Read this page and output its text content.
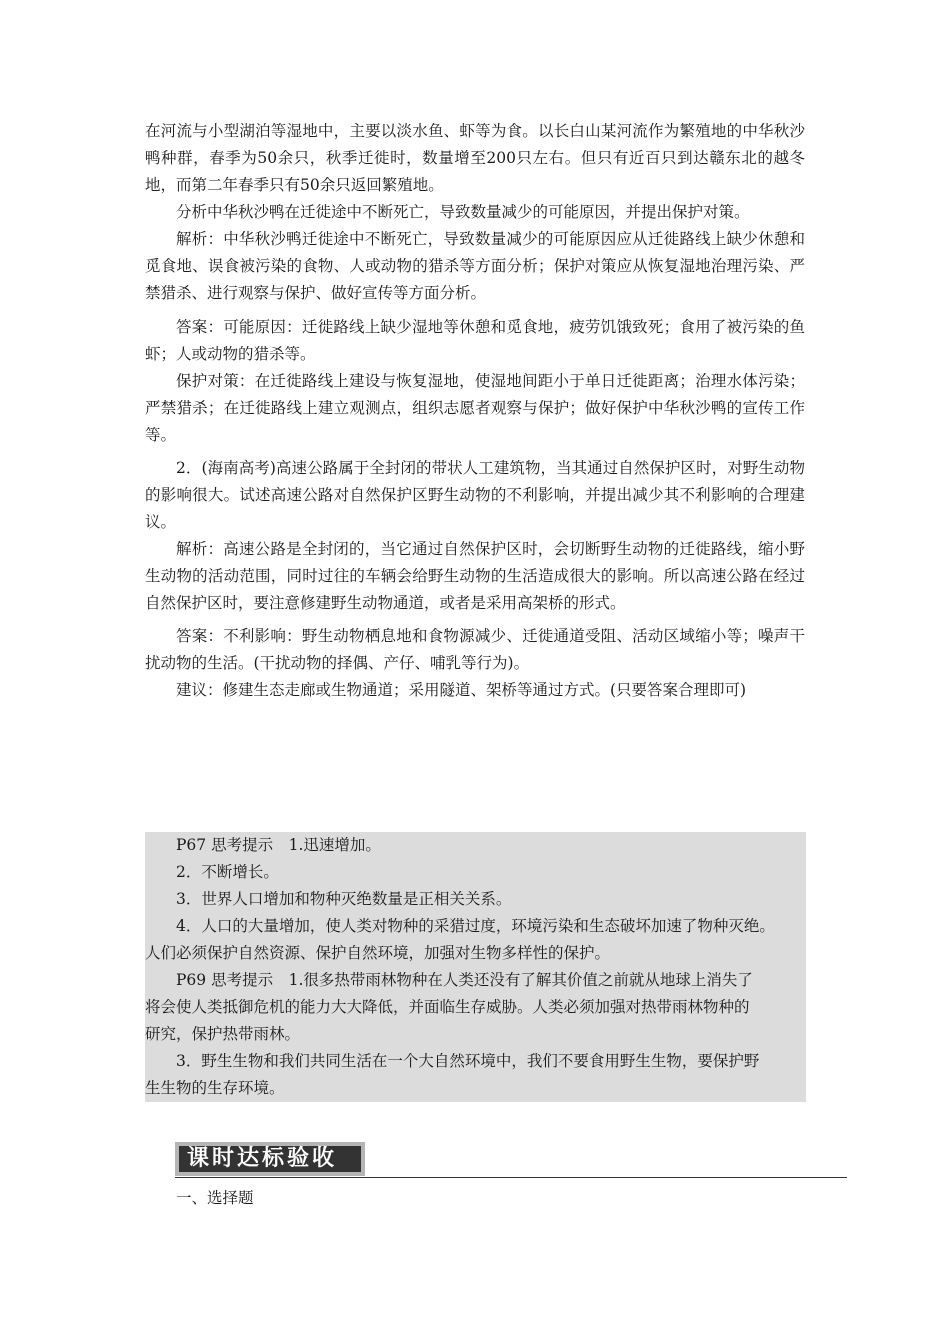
在河流与小型湖泊等湿地中，主要以淡水鱼、虾等为食。以长白山某河流作为繁殖地的中华秋沙鸭种群，春季为50余只，秋季迁徙时，数量增至200只左右。但只有近百只到达赣东北的越冬地，而第二年春季只有50余只返回繁殖地。

分析中华秋沙鸭在迁徙途中不断死亡，导致数量减少的可能原因，并提出保护对策。

解析：中华秋沙鸭迁徙途中不断死亡，导致数量减少的可能原因应从迁徙路线上缺少休憩和觅食地、误食被污染的食物、人或动物的猎杀等方面分析；保护对策应从恢复湿地治理污染、严禁猎杀、进行观察与保护、做好宣传等方面分析。

答案：可能原因：迁徙路线上缺少湿地等休憩和觅食地，疲劳饥饿致死；食用了被污染的鱼虾；人或动物的猎杀等。

保护对策：在迁徙路线上建设与恢复湿地，使湿地间距小于单日迁徙距离；治理水体污染；严禁猎杀；在迁徙路线上建立观测点，组织志愿者观察与保护；做好保护中华秋沙鸭的宣传工作等。

2．(海南高考)高速公路属于全封闭的带状人工建筑物，当其通过自然保护区时，对野生动物的影响很大。试述高速公路对自然保护区野生动物的不利影响，并提出减少其不利影响的合理建议。

解析：高速公路是全封闭的，当它通过自然保护区时，会切断野生动物的迁徙路线，缩小野生动物的活动范围，同时过往的车辆会给野生动物的生活造成很大的影响。所以高速公路在经过自然保护区时，要注意修建野生动物通道，或者是采用高架桥的形式。

答案：不利影响：野生动物栖息地和食物源减少、迁徙通道受阻、活动区域缩小等；噪声干扰动物的生活。(干扰动物的择偶、产仔、哺乳等行为)。

建议：修建生态走廊或生物通道；采用隧道、架桥等通过方式。(只要答案合理即可)

P67 思考提示　1.迅速增加。

2．不断增长。

3．世界人口增加和物种灭绝数量是正相关关系。

4．人口的大量增加，使人类对物种的采猎过度，环境污染和生态破坏加速了物种灭绝。

人们必须保护自然资源、保护自然环境，加强对生物多样性的保护。

P69 思考提示　1.很多热带雨林物种在人类还没有了解其价值之前就从地球上消失了

将会使人类抵御危机的能力大大降低，并面临生存威胁。人类必须加强对热带雨林物种的

研究，保护热带雨林。

3．野生生物和我们共同生活在一个大自然环境中，我们不要食用野生生物，要保护野

生生物的生存环境。

课时达标验收
一、选择题
